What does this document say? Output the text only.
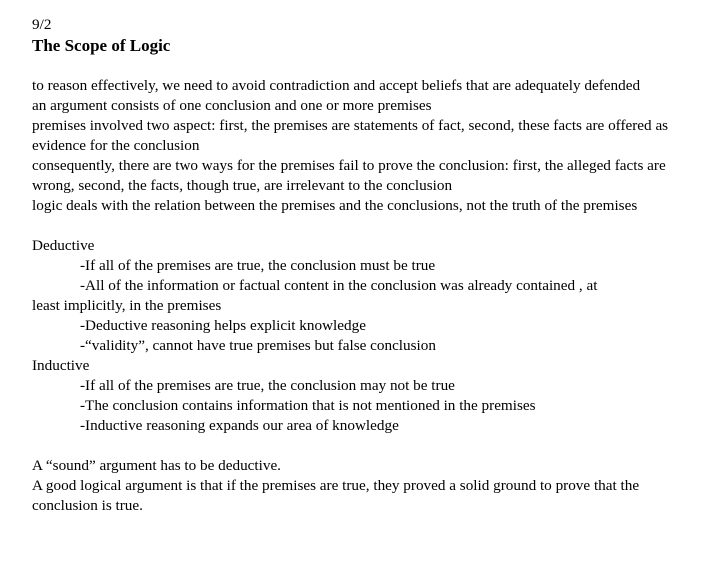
9/2

The Scope of Logic

to reason effectively, we need to avoid contradiction and accept beliefs that are adequately defended

an argument consists of one conclusion and one or more premises

premises involved two aspect: first, the premises are statements of fact, second, these facts are offered as evidence for the conclusion

consequently, there are two ways for the premises fail to prove the conclusion: first, the alleged facts are wrong, second, the facts, though true, are irrelevant to the conclusion

logic deals with the relation between the premises and the conclusions, not the truth of the premises

Deductive

-If all of the premises are true, the conclusion must be true

-All of the information or factual content in the conclusion was already contained , at

least implicitly, in the premises

-Deductive reasoning helps explicit knowledge

-“validity”, cannot have true premises but false conclusion

Inductive

-If all of the premises are true, the conclusion may not be true

-The conclusion contains information that is not mentioned in the premises

-Inductive reasoning expands our area of knowledge

A “sound” argument has to be deductive.

A good logical argument is that if the premises are true, they proved a solid ground to prove that the conclusion is true.
